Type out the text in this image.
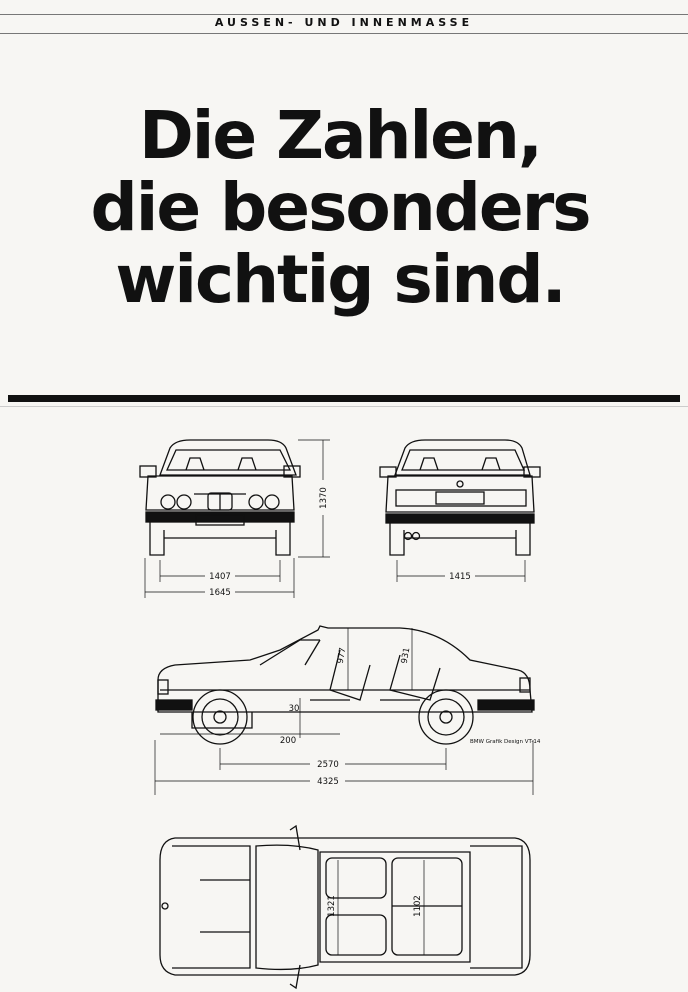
AUSSEN- UND INNENMASSE
Die Zahlen,
die besonders
wichtig sind.
1407
1645
1370
1415
977	931
30
200
2570
4325
1321	1102
BMW Grafik Design VT-14
